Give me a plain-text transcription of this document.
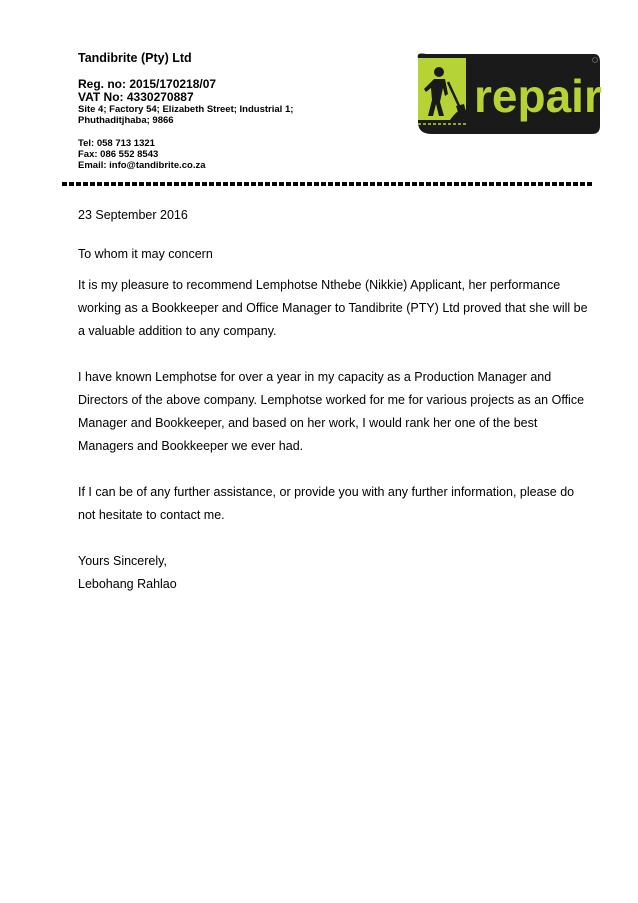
Tandibrite (Pty) Ltd

Reg. no: 2015/170218/07

VAT No: 4330270887

Site 4; Factory 54; Elizabeth Street; Industrial 1;

Phuthaditjhaba; 9866

Tel: 058 713 1321

Fax: 086 552 8543

Email: info@tandibrite.co.za

repair

23 September 2016

To whom it may concern

It is my pleasure to recommend Lemphotse Nthebe (Nikkie) Applicant, her performance working as a Bookkeeper and Office Manager to Tandibrite (PTY) Ltd proved that she will be a valuable addition to any company.

I have known Lemphotse for over a year in my capacity as a Production Manager and Directors of the above company. Lemphotse worked for me for various projects as an Office Manager and Bookkeeper, and based on her work, I would rank her one of the best Managers and Bookkeeper we ever had.

If I can be of any further assistance, or provide you with any further information, please do not hesitate to contact me.

Yours Sincerely,

Lebohang Rahlao
